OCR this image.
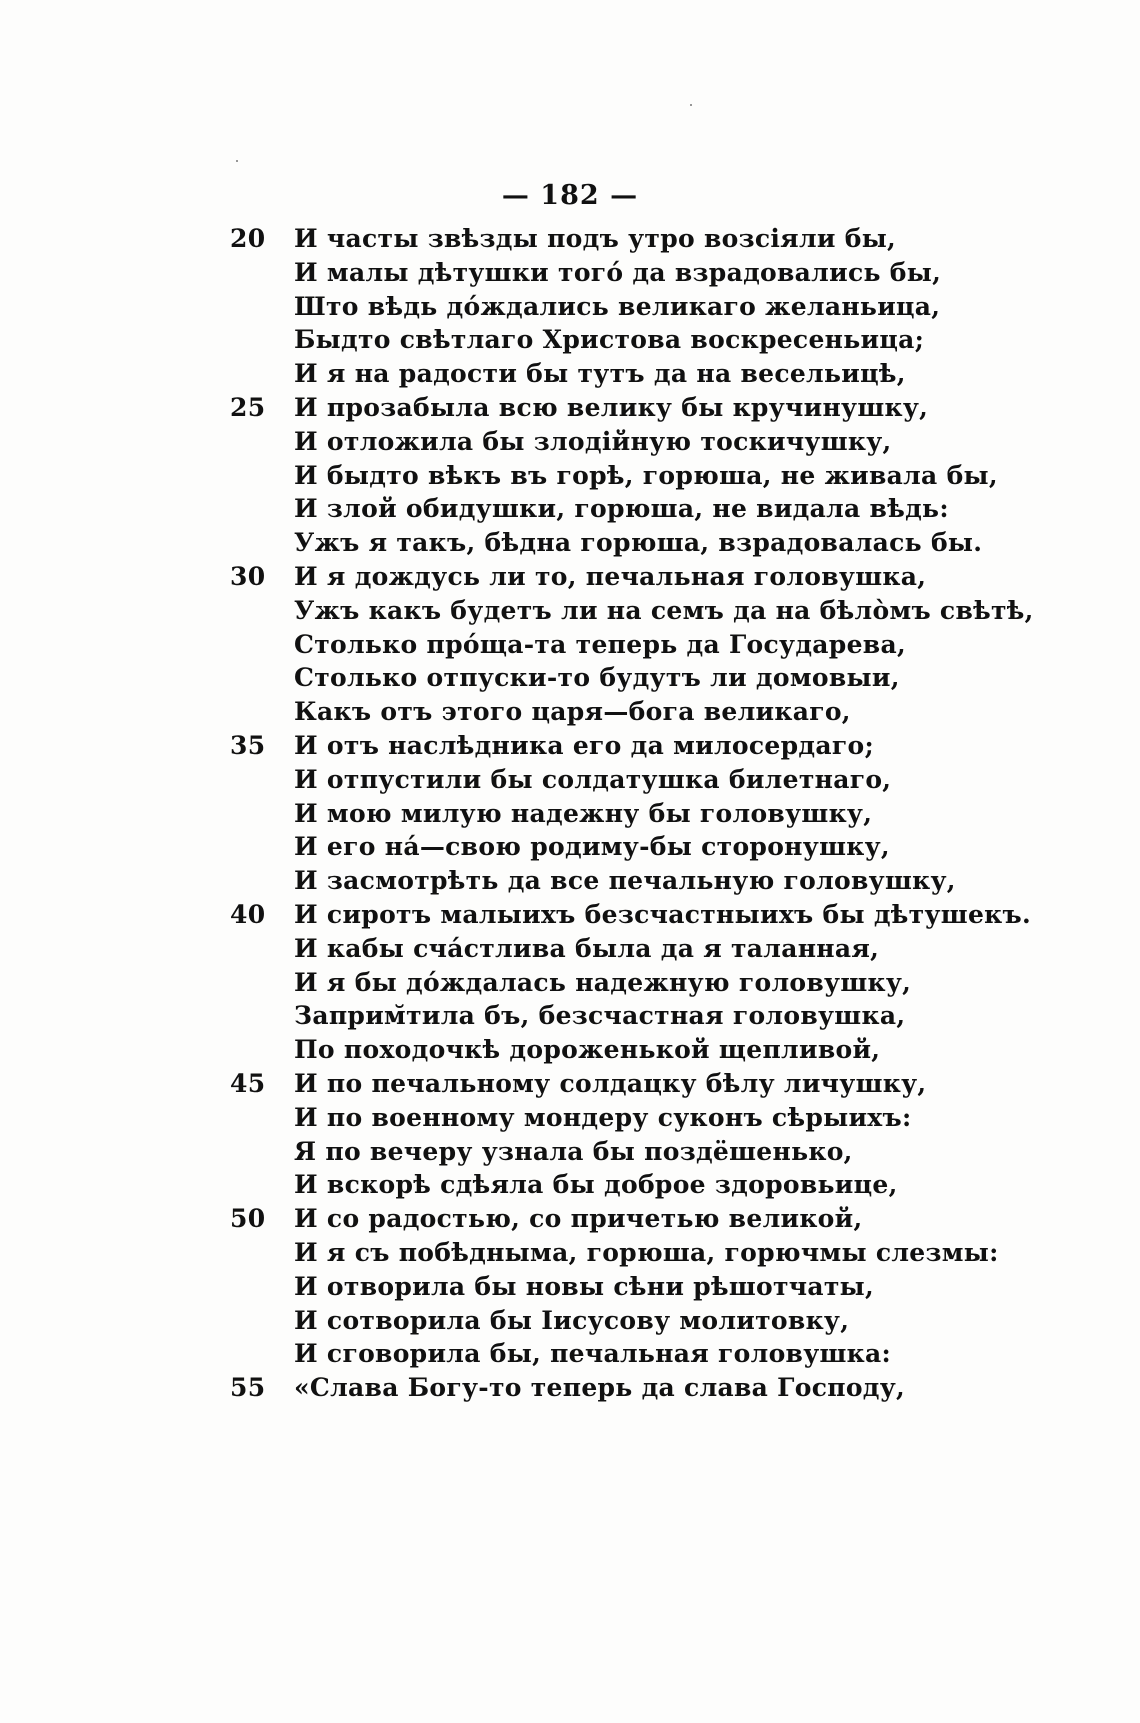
— 182 —
20	И часты звѣзды подъ утро возсіяли бы,
И малы дѣтушки того́ да взрадовались бы,
Што вѣдь до́ждались великаго желаньица,
Быдто свѣтлаго Христова воскресеньица;
И я на радости бы тутъ да на весельицѣ,
25	И прозабыла всю велику бы кручинушку,
И отложила бы злодійную тоскичушку,
И быдто вѣкъ въ горѣ, горюша, не живала бы,
И злой обидушки, горюша, не видала вѣдь:
Ужъ я такъ, бѣдна горюша, взрадовалась бы.
30	И я дождусь ли то, печальная головушка,
Ужъ какъ будетъ ли на семъ да на бѣло̀мъ свѣтѣ,
Столько про́ща-та теперь да Государева,
Столько отпуски-то будутъ ли домовыи,
Какъ отъ этого царя—бога великаго,
35	И отъ наслѣдника его да милосердаго;
И отпустили бы солдатушка билетнаго,
И мою милую надежну бы головушку,
И его на́—свою родиму-бы сторонушку,
И засмотрѣть да все печальную головушку,
40	И сиротъ малыихъ безсчастныихъ бы дѣтушекъ.
И кабы сча́стлива была да я таланная,
И я бы до́ждалась надежную головушку,
Заприм̆тила бъ, безсчастная головушка,
По походочкѣ дороженькой щепливой,
45	И по печальному солдацку бѣлу личушку,
И по военному мондеру суконъ сѣрыихъ:
Я по вечеру узнала бы поздёшенько,
И вскорѣ сдѣяла бы доброе здоровьице,
50	И со радостью, со причетью великой,
И я съ побѣдныма, горюша, горючмы слезмы:
И отворила бы новы сѣни рѣшотчаты,
И сотворила бы Іисусову молитовку,
И сговорила бы, печальная головушка:
55	«Слава Богу-то теперь да слава Господу,
